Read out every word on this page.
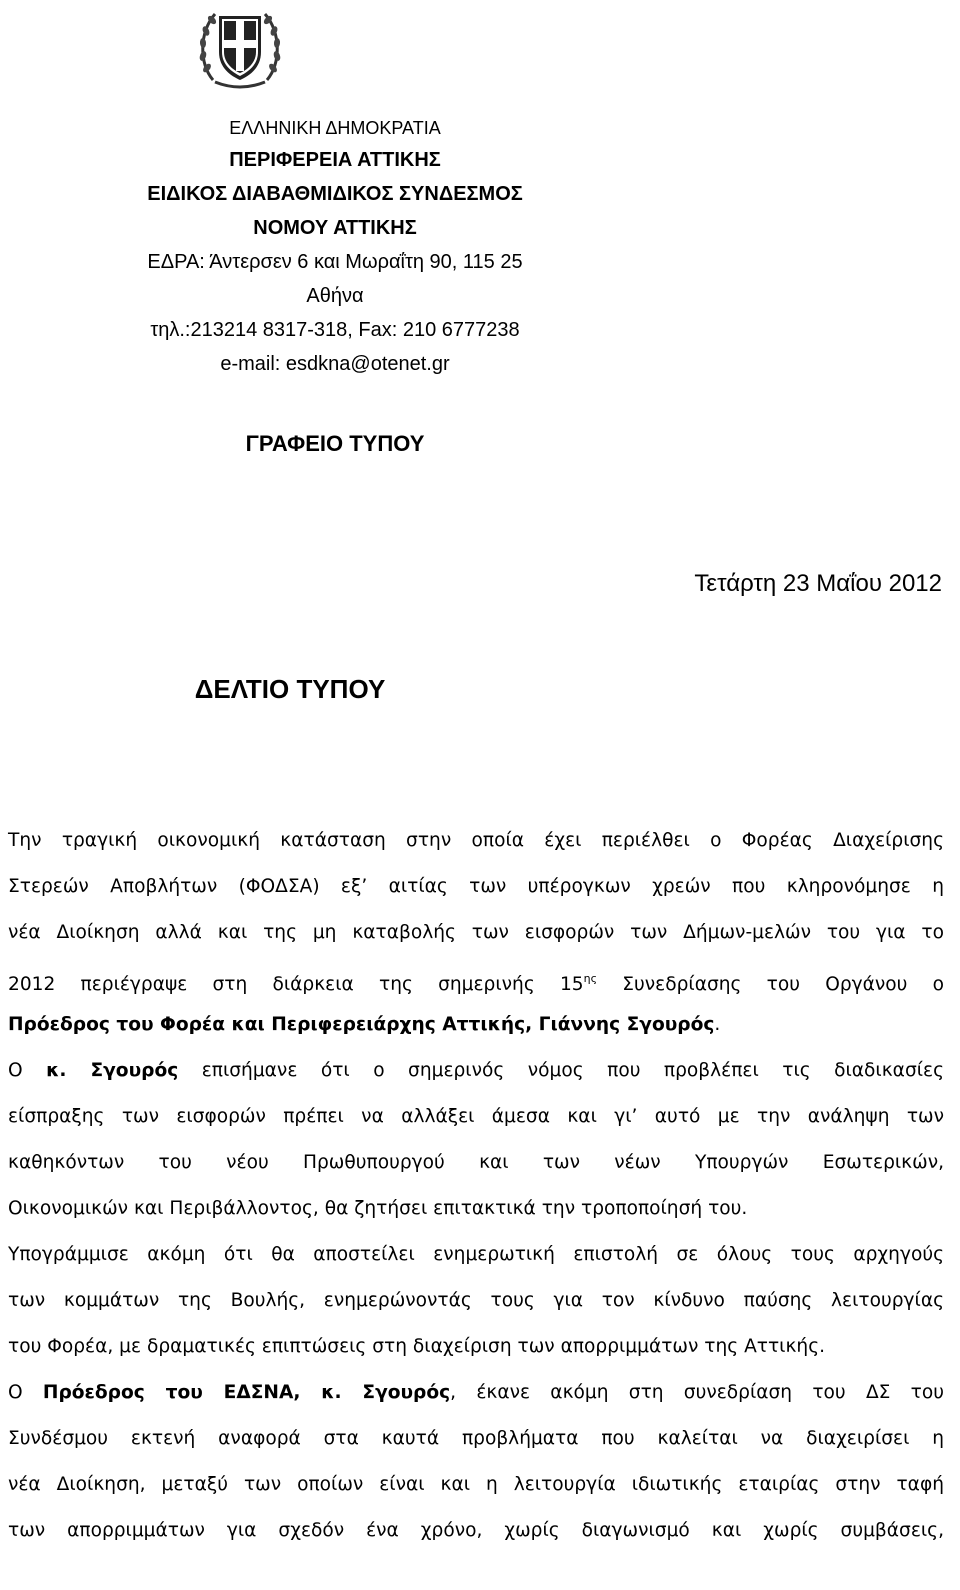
ΕΛΛΗΝΙΚΗ ΔΗΜΟΚΡΑΤΙΑ
ΠΕΡΙΦΕΡΕΙΑ ΑΤΤΙΚΗΣ
ΕΙΔΙΚΟΣ ΔΙΑΒΑΘΜΙΔΙΚΟΣ ΣΥΝΔΕΣΜΟΣ
ΝΟΜΟΥ ΑΤΤΙΚΗΣ
ΕΔΡΑ: Άντερσεν 6 και Μωραΐτη 90, 115 25
Αθήνα
τηλ.:213214 8317-318, Fax: 210 6777238
e-mail: esdkna@otenet.gr
ΓΡΑΦΕΙΟ ΤΥΠΟΥ
Τετάρτη 23 Μαΐου 2012
ΔΕΛΤΙΟ ΤΥΠΟΥ

Την τραγική οικονομική κατάσταση στην οποία έχει περιέλθει ο Φορέας Διαχείρισης
Στερεών Αποβλήτων (ΦΟΔΣΑ) εξ’ αιτίας των υπέρογκων χρεών που κληρονόμησε η
νέα Διοίκηση αλλά και της μη καταβολής των εισφορών των Δήμων-μελών του για το
2012 περιέγραψε στη διάρκεια της σημερινής $15^{\eta\varsigma}$ Συνεδρίασης του Οργάνου ο
Πρόεδρος του Φορέα και Περιφερειάρχης Αττικής, Γιάννης Σγουρός.

Ο κ. Σγουρός επισήμανε ότι ο σημερινός νόμος που προβλέπει τις διαδικασίες
είσπραξης των εισφορών πρέπει να αλλάξει άμεσα και γι’ αυτό με την ανάληψη των
καθηκόντων του νέου Πρωθυπουργού και των νέων Υπουργών Εσωτερικών,
Οικονομικών και Περιβάλλοντος, θα ζητήσει επιτακτικά την τροποποίησή του.

Υπογράμμισε ακόμη ότι θα αποστείλει ενημερωτική επιστολή σε όλους τους αρχηγούς
των κομμάτων της Βουλής, ενημερώνοντάς τους για τον κίνδυνο παύσης λειτουργίας
του Φορέα, με δραματικές επιπτώσεις στη διαχείριση των απορριμμάτων της Αττικής.

Ο Πρόεδρος του ΕΔΣΝΑ, κ. Σγουρός, έκανε ακόμη στη συνεδρίαση του ΔΣ του
Συνδέσμου εκτενή αναφορά στα καυτά προβλήματα που καλείται να διαχειρίσει η
νέα Διοίκηση, μεταξύ των οποίων είναι και η λειτουργία ιδιωτικής εταιρίας στην ταφή
των απορριμμάτων για σχεδόν ένα χρόνο, χωρίς διαγωνισμό και χωρίς συμβάσεις,
